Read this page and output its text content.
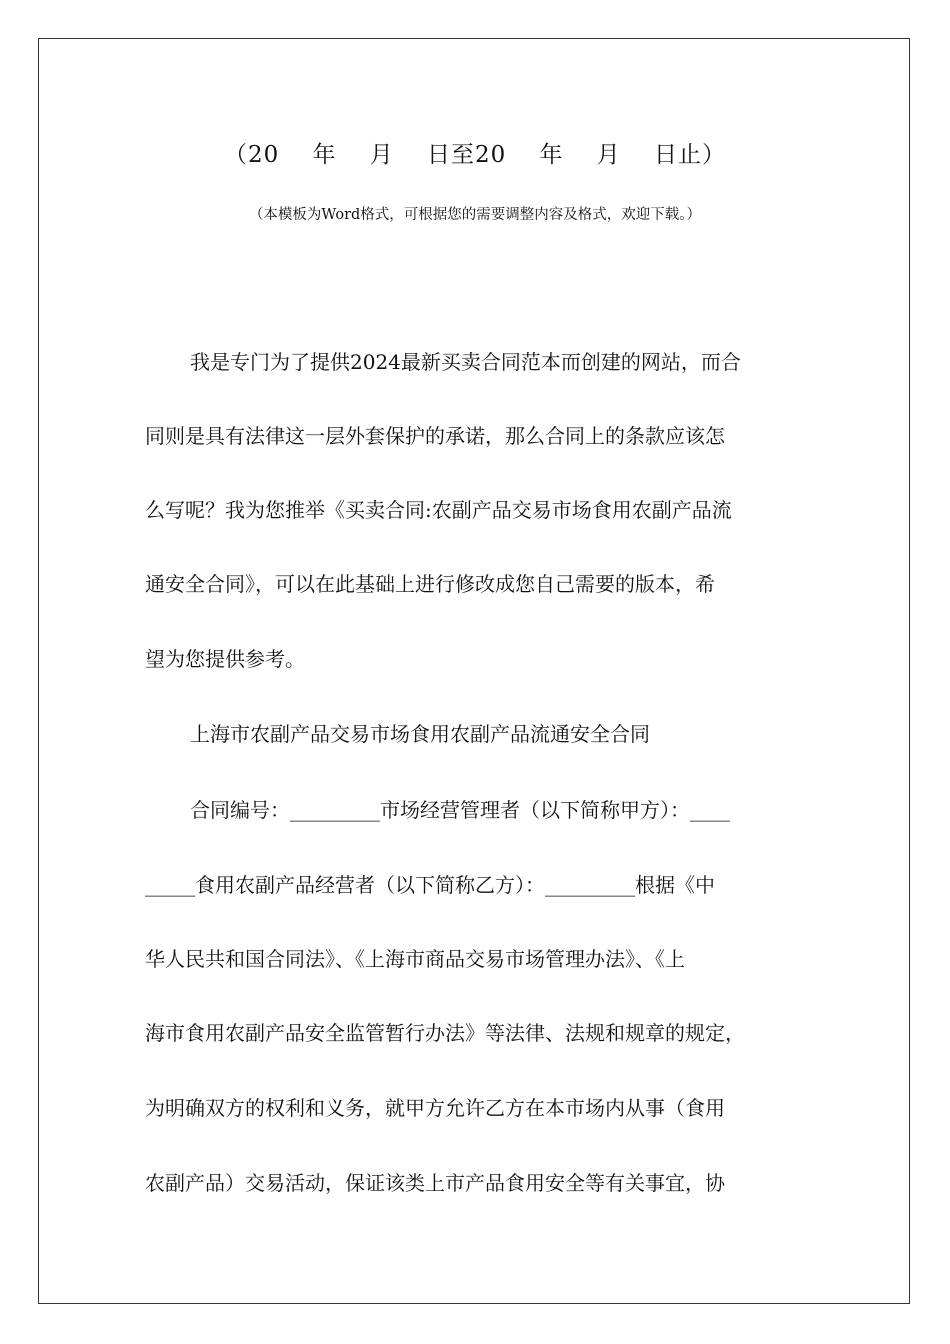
（20    年    月    日至20    年    月    日止）
（本模板为Word格式，可根据您的需要调整内容及格式，欢迎下载。）
我是专门为了提供2024最新买卖合同范本而创建的网站，而合
同则是具有法律这一层外套保护的承诺，那么合同上的条款应该怎
么写呢？我为您推举《买卖合同:农副产品交易市场食用农副产品流
通安全合同》，可以在此基础上进行修改成您自己需要的版本，希
望为您提供参考。
上海市农副产品交易市场食用农副产品流通安全合同
合同编号：_________市场经营管理者（以下简称甲方）：____
_____食用农副产品经营者（以下简称乙方）：_________根据《中
华人民共和国合同法》、《上海市商品交易市场管理办法》、《上
海市食用农副产品安全监管暂行办法》等法律、法规和规章的规定，
为明确双方的权利和义务，就甲方允许乙方在本市场内从事（食用
农副产品）交易活动，保证该类上市产品食用安全等有关事宜，协
